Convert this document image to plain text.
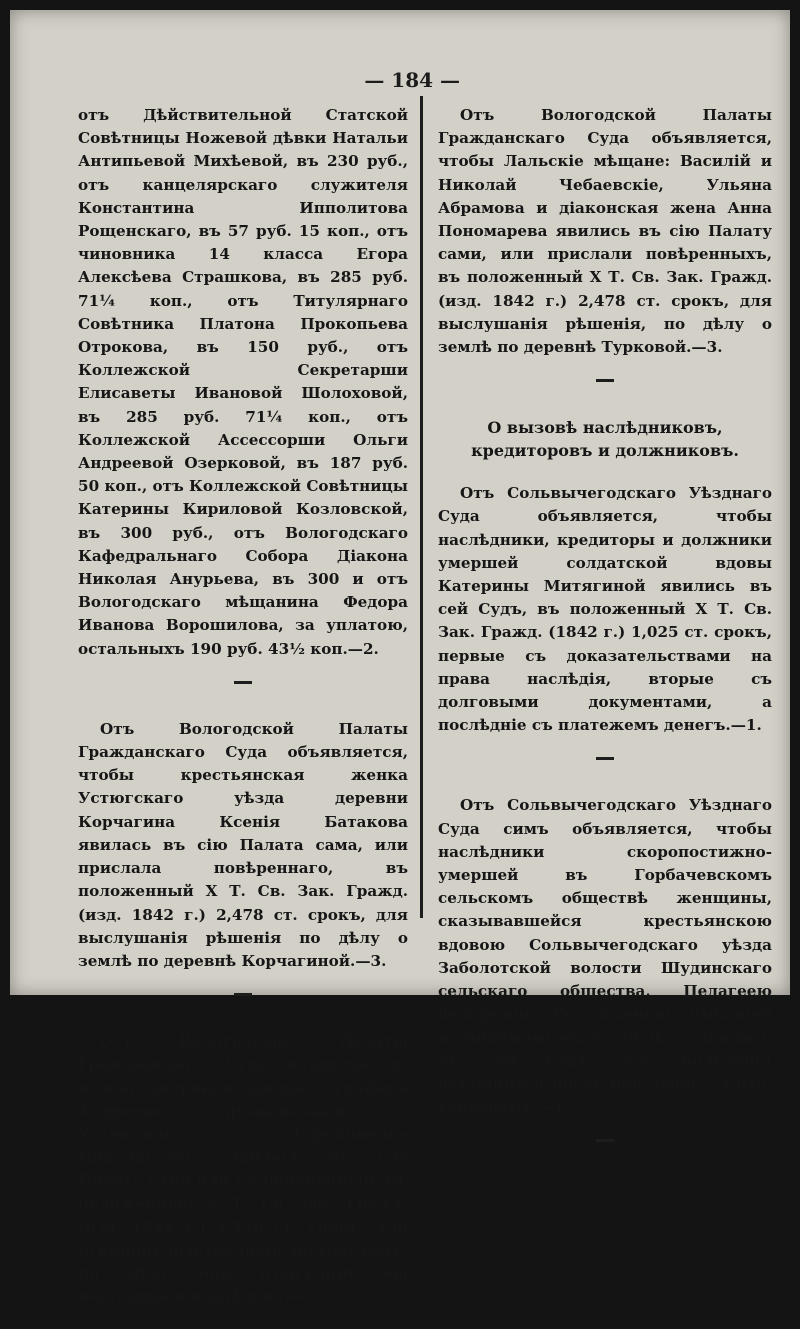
— 184 —

отъ Дѣйствительной Статской Совѣтницы Ножевой дѣвки Натальи Антипьевой Михѣевой, въ 230 руб., отъ канцелярскаго служителя Константина Ипполитова Рощенскаго, въ 57 руб. 15 коп., отъ чиновника 14 класса Егора Алексѣева Страшкова, въ 285 руб. 71¼ коп., отъ Титулярнаго Совѣтника Платона Прокопьева Отрокова, въ 150 руб., отъ Коллежской Секретарши Елисаветы Ивановой Шолоховой, въ 285 руб. 71¼ коп., отъ Коллежской Ассессорши Ольги Андреевой Озерковой, въ 187 руб. 50 коп., отъ Коллежской Совѣтницы Катерины Кириловой Козловской, въ 300 руб., отъ Вологодскаго Кафедральнаго Собора Діакона Николая Анурьева, въ 300 и отъ Вологодскаго мѣщанина Федора Иванова Ворошилова, за уплатою, остальныхъ 190 руб. 43½ коп.—2.

Отъ Вологодской Палаты Гражданскаго Суда объявляется, чтобы крестьянская женка Устюгскаго уѣзда деревни Корчагина Ксенія Батакова явилась въ сію Палата сама, или прислала повѣреннаго, въ положенный X Т. Св. Зак. Гражд. (изд. 1842 г.) 2,478 ст. срокъ, для выслушанія рѣшенія по дѣлу о землѣ по деревнѣ Корчагиной.—3.

Отъ Вологодской Палаты Гражданскаго Суда объявляется, чтобы дворовая женка Аграфена Андреева, проживавшая у Устюгскаго Городничаго Никольскаго, явилась въ сію Палату сама или ея повѣренный, въ положенный X Т. Св Зак. Гражд. (изд. 1842 г.) 2,450 ст. срокъ, для рукоприкладства подъ экстрактомъ, по дѣлу объ отысканіи ею настоящаго владѣльца.—3.

Отъ Вологодской Палаты Гражданскаго Суда объявляется, чтобы Лальскіе мѣщане: Василій и Николай Чебаевскіе, Ульяна Абрамова и діаконская жена Анна Пономарева явились въ сію Палату сами, или прислали повѣренныхъ, въ положенный X Т. Св. Зак. Гражд. (изд. 1842 г.) 2,478 ст. срокъ, для выслушанія рѣшенія, по дѣлу о землѣ по деревнѣ Турковой.—3.

О вызовѣ наслѣдниковъ, кредиторовъ и должниковъ.

Отъ Сольвычегодскаго Уѣзднаго Суда объявляется, чтобы наслѣдники, кредиторы и должники умершей солдатской вдовы Катерины Митягиной явились въ сей Судъ, въ положенный X Т. Св. Зак. Гражд. (1842 г.) 1,025 ст. срокъ, первые съ доказательствами на права наслѣдія, вторые съ долговыми документами, а послѣдніе съ платежемъ денегъ.—1.

Отъ Сольвычегодскаго Уѣзднаго Суда симъ объявляется, чтобы наслѣдники скоропостижно-умершей въ Горбачевскомъ сельскомъ обществѣ женщины, сказывавшейся крестьянскою вдовою Сольвычегодскаго уѣзда Заболотской волости Шудинскаго сельскаго общества, Пелагеею Федоровою Ростягаевою, имѣвшей по видимому около 70 лѣтъ, явились въ сей Судъ, для полученія оставшихся послѣ нея денегъ 3 руб. серебромъ.—1.
